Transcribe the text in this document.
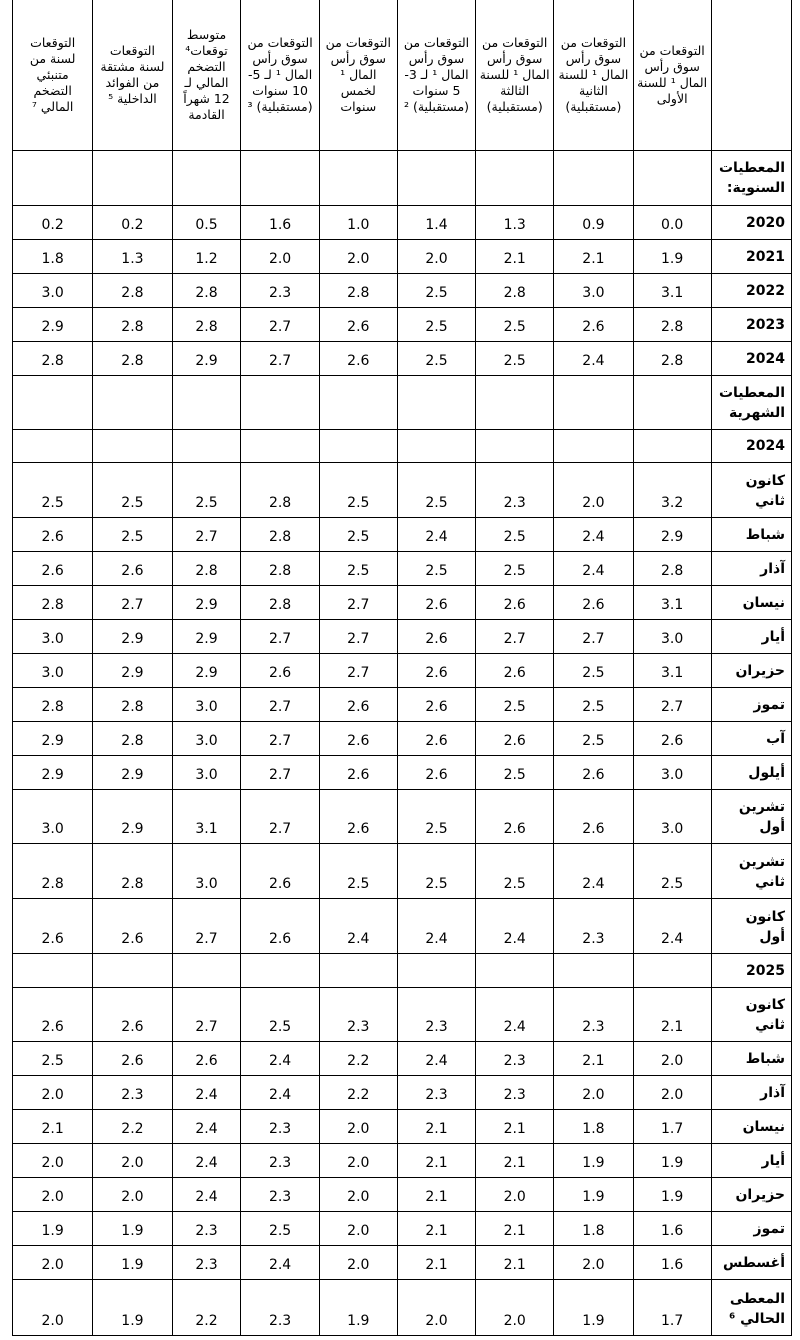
	التوقعات من سوق رأس المال ¹ للسنة الأولى	التوقعات من سوق رأس المال ¹ للسنة الثانية (مستقبلية)	التوقعات من سوق رأس المال ¹ للسنة الثالثة (مستقبلية)	التوقعات من سوق رأس المال ¹ لـ 3-5 سنوات (مستقبلية) ²	التوقعات من سوق رأس المال ¹ لخمس سنوات	التوقعات من سوق رأس المال ¹ لـ 5-10 سنوات (مستقبلية) ³	متوسط توقعات⁴ التضخم المالي لـ 12 شهراً القادمة	التوقعات لسنة مشتقة من الفوائد الداخلية ⁵	التوقعات لسنة من متنبئي التضخم المالي ⁷
المعطيات السنوية:									
2020	0.0	0.9	1.3	1.4	1.0	1.6	0.5	0.2	0.2
2021	1.9	2.1	2.1	2.0	2.0	2.0	1.2	1.3	1.8
2022	3.1	3.0	2.8	2.5	2.8	2.3	2.8	2.8	3.0
2023	2.8	2.6	2.5	2.5	2.6	2.7	2.8	2.8	2.9
2024	2.8	2.4	2.5	2.5	2.6	2.7	2.9	2.8	2.8
المعطيات الشهرية									
2024									
كانون ثاني	3.2	2.0	2.3	2.5	2.5	2.8	2.5	2.5	2.5
شباط	2.9	2.4	2.5	2.4	2.5	2.8	2.7	2.5	2.6
آذار	2.8	2.4	2.5	2.5	2.5	2.8	2.8	2.6	2.6
نيسان	3.1	2.6	2.6	2.6	2.7	2.8	2.9	2.7	2.8
أيار	3.0	2.7	2.7	2.6	2.7	2.7	2.9	2.9	3.0
حزيران	3.1	2.5	2.6	2.6	2.7	2.6	2.9	2.9	3.0
تموز	2.7	2.5	2.5	2.6	2.6	2.7	3.0	2.8	2.8
آب	2.6	2.5	2.6	2.6	2.6	2.7	3.0	2.8	2.9
أيلول	3.0	2.6	2.5	2.6	2.6	2.7	3.0	2.9	2.9
تشرين أول	3.0	2.6	2.6	2.5	2.6	2.7	3.1	2.9	3.0
تشرين ثاني	2.5	2.4	2.5	2.5	2.5	2.6	3.0	2.8	2.8
كانون أول	2.4	2.3	2.4	2.4	2.4	2.6	2.7	2.6	2.6
2025									
كانون ثاني	2.1	2.3	2.4	2.3	2.3	2.5	2.7	2.6	2.6
شباط	2.0	2.1	2.3	2.4	2.2	2.4	2.6	2.6	2.5
آذار	2.0	2.0	2.3	2.3	2.2	2.4	2.4	2.3	2.0
نيسان	1.7	1.8	2.1	2.1	2.0	2.3	2.4	2.2	2.1
أيار	1.9	1.9	2.1	2.1	2.0	2.3	2.4	2.0	2.0
حزيران	1.9	1.9	2.0	2.1	2.0	2.3	2.4	2.0	2.0
تموز	1.6	1.8	2.1	2.1	2.0	2.5	2.3	1.9	1.9
أغسطس	1.6	2.0	2.1	2.1	2.0	2.4	2.3	1.9	2.0
المعطى الحالي ⁶	1.7	1.9	2.0	2.0	1.9	2.3	2.2	1.9	2.0
